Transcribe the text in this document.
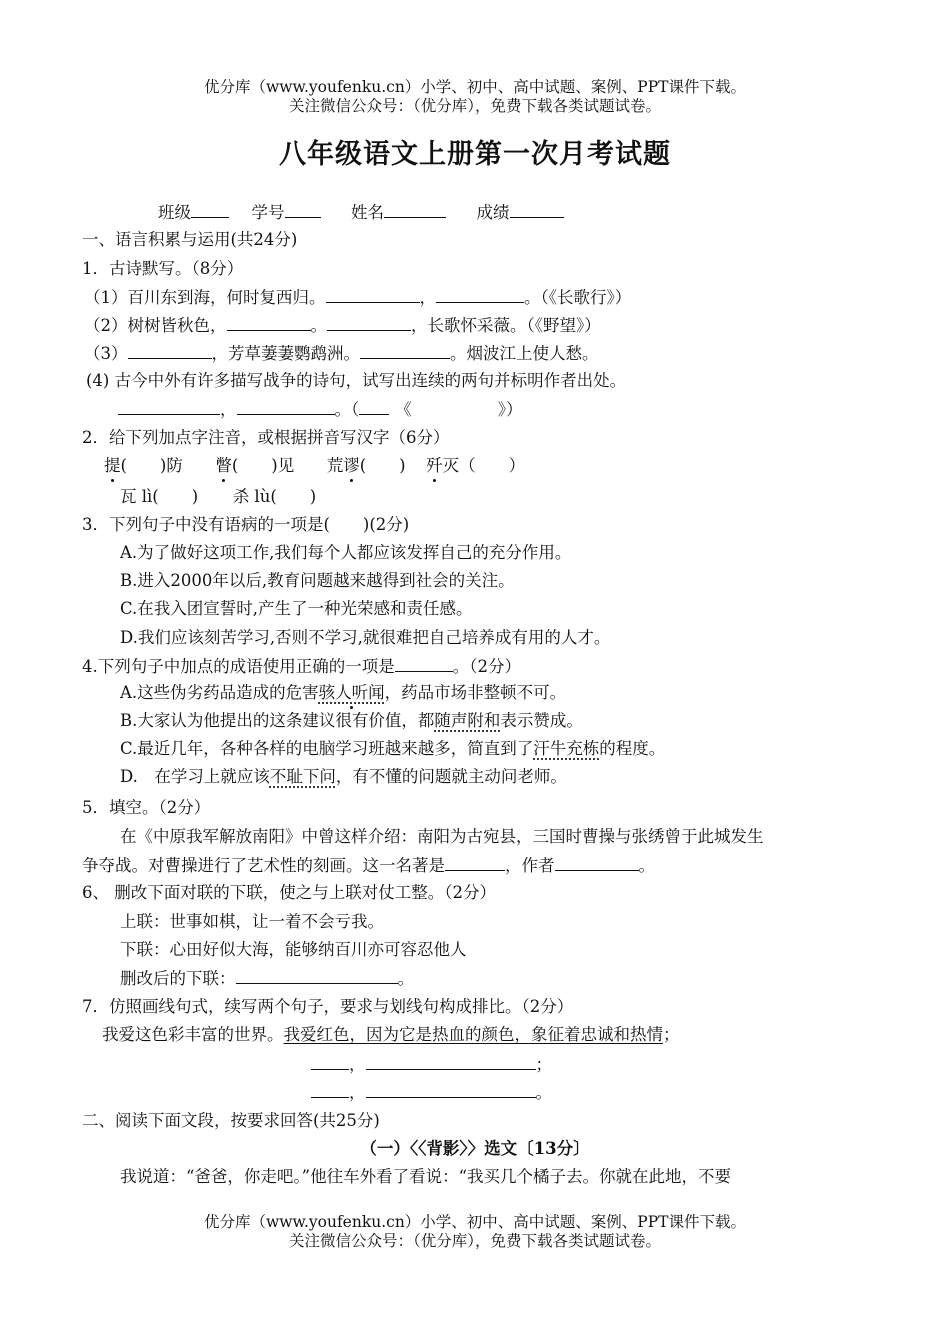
优分库（www.youfenku.cn）小学、初中、高中试题、案例、PPT课件下载。
关注微信公众号：（优分库），免费下载各类试题试卷。
八年级语文上册第一次月考试题
班级	学号	姓名	成绩
一、语言积累与运用(共24分)
1．古诗默写。（8分）
（1）百川东到海，何时复西归。	，	。（《长歌行》）
（2）树树皆秋色，	。	，长歌怀采薇。（《野望》）
（3）	，芳草萋萋鹦鹉洲。	。烟波江上使人愁。
(4) 古今中外有许多描写战争的诗句，试写出连续的两句并标明作者出处。
，	。（ 《	》）
2．给下列加点字注音，或根据拼音写汉字（6分）
提(　　)防 瞥(　　)见 荒谬(　　) 歼灭（　　）
瓦 lì(　　) 杀 lù(　　)
3．下列句子中没有语病的一项是(　　)(2分)
A.为了做好这项工作,我们每个人都应该发挥自己的充分作用。
B.进入2000年以后,教育问题越来越得到社会的关注。
C.在我入团宣誓时,产生了一种光荣感和责任感。
D.我们应该刻苦学习,否则不学习,就很难把自己培养成有用的人才。
4.下列句子中加点的成语使用正确的一项是	。（2分）
A.这些伪劣药品造成的危害骇人听闻，药品市场非整顿不可。
B.大家认为他提出的这条建议很有价值，都随声附和表示赞成。
C.最近几年，各种各样的电脑学习班越来越多，简直到了汗牛充栋的程度。
D.　在学习上就应该不耻下问，有不懂的问题就主动问老师。
5．填空。（2分）
在《中原我军解放南阳》中曾这样介绍：南阳为古宛县，三国时曹操与张绣曾于此城发生
争夺战。对曹操进行了艺术性的刻画。这一名著是	，作者	。
6、 删改下面对联的下联，使之与上联对仗工整。（2分）
上联：世事如棋，让一着不会亏我。
下联：心田好似大海，能够纳百川亦可容忍他人
删改后的下联：	。
7．仿照画线句式，续写两个句子，要求与划线句构成排比。（2分）
我爱这色彩丰富的世界。我爱红色，因为它是热血的颜色，象征着忠诚和热情；
，	；
，	。
二、阅读下面文段，按要求回答(共25分)
（一）〈〈背影〉〉选文〔13分〕
我说道：“爸爸，你走吧。”他往车外看了看说：“我买几个橘子去。你就在此地，不要
优分库（www.youfenku.cn）小学、初中、高中试题、案例、PPT课件下载。
关注微信公众号：（优分库），免费下载各类试题试卷。
